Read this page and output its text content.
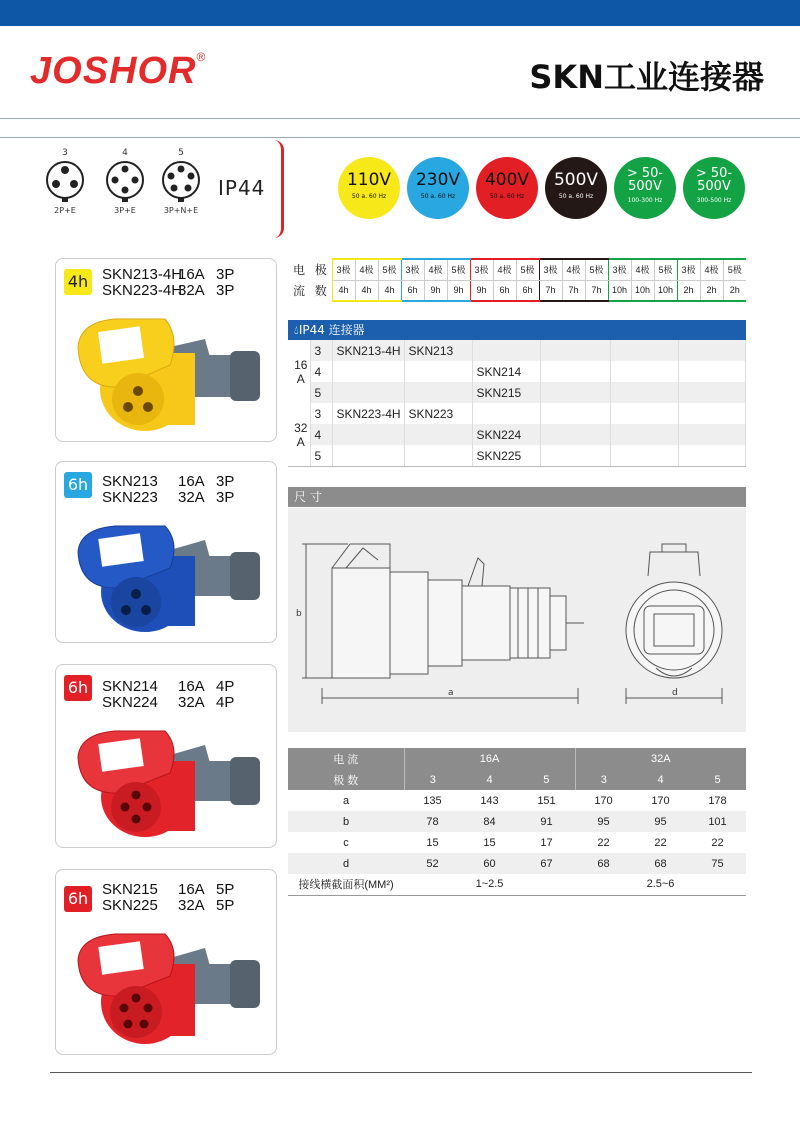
JOSHOR®
SKN工业连接器
3
2P+E
4
3P+E
5
3P+N+E
IP44	110V
50 a. 60 Hz
230V
50 a. 60 Hz
400V
50 a. 60 Hz
500V
50 a. 60 Hz
> 50-500V
100-300 Hz
> 50-500V
300-500 Hz
4h SKN213-4H16A 3P
SKN223-4H32A 3P
6h SKN213 16A 3P
SKN223 32A 3P
6h SKN214 16A 4P
SKN224 32A 4P
6h SKN215 16A 5P
SKN225 32A 5P
电	极	3极	4极	5极	3极	4极	5极	3极	4极	5极	3极	4极	5极	3极	4极	5极	3极	4极	5极
流	数	4h	4h	4h	6h	9h	9h	9h	6h	6h	7h	7h	7h	10h	10h	10h	2h	2h	2h
💧︎IP44 连接器
16 A	3	SKN213-4H	SKN213				
	4			SKN214			
	5			SKN215			
32 A	3	SKN223-4H	SKN223				
	4			SKN224			
	5			SKN225			
尺 寸
b
a	d
电 流	16A			32A		
极 数	3	4	5	3	4	5
a	135	143	151	170	170	178
b	78	84	91	95	95	101
c	15	15	17	22	22	22
d	52	60	67	68	68	75
接线横截面积(MM²)	1~2.5			2.5~6		
